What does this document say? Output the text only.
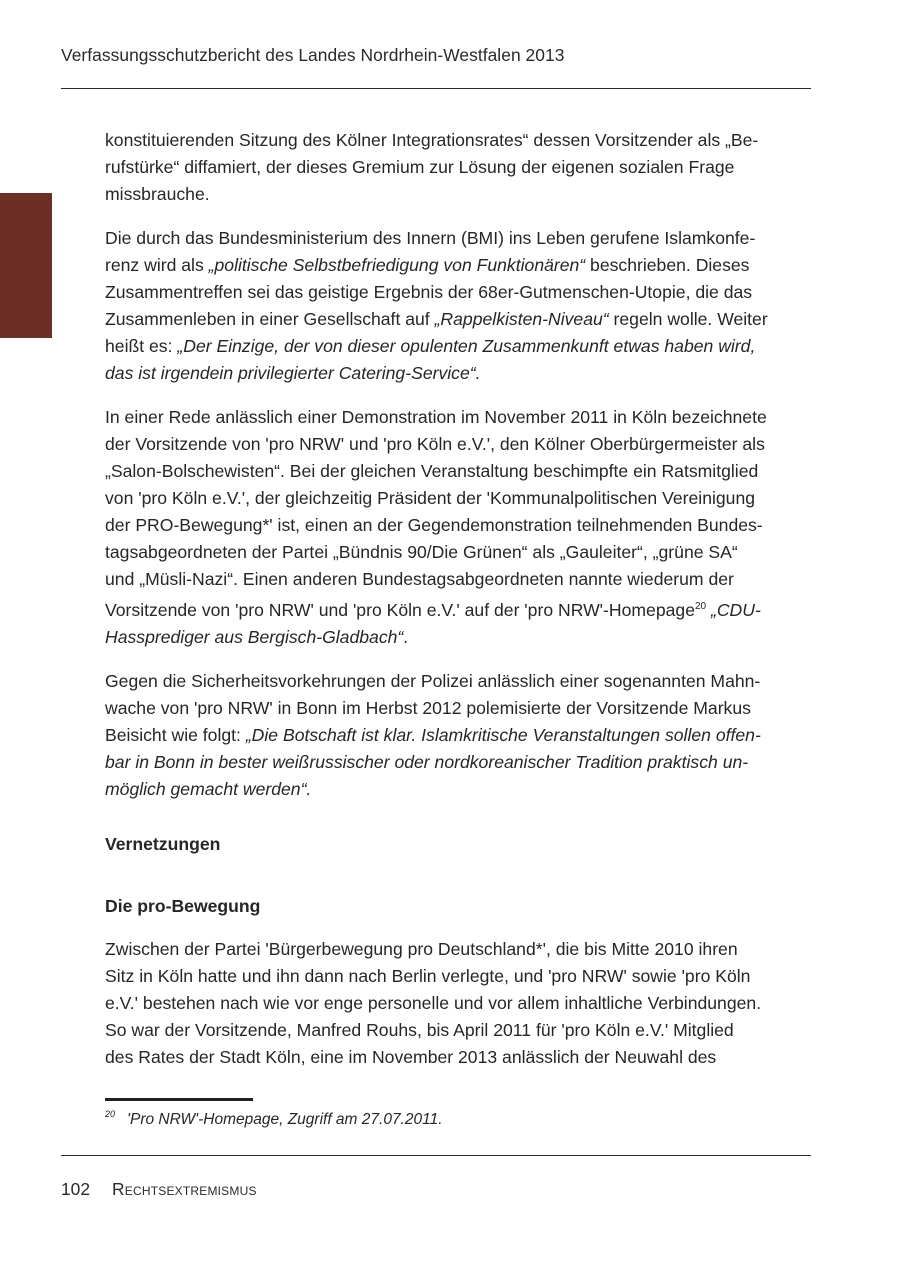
Verfassungsschutzbericht des Landes Nordrhein-Westfalen 2013

konstituierenden Sitzung des Kölner Integrationsrates“ dessen Vorsitzender als „Be-
rufstürke“ diffamiert, der dieses Gremium zur Lösung der eigenen sozialen Frage
missbrauche.

Die durch das Bundesministerium des Innern (BMI) ins Leben gerufene Islamkonfe-
renz wird als „politische Selbstbefriedigung von Funktionären“ beschrieben. Dieses
Zusammentreffen sei das geistige Ergebnis der 68er-Gutmenschen-Utopie, die das
Zusammenleben in einer Gesellschaft auf „Rappelkisten-Niveau“ regeln wolle. Weiter
heißt es: „Der Einzige, der von dieser opulenten Zusammenkunft etwas haben wird,
das ist irgendein privilegierter Catering-Service“.

In einer Rede anlässlich einer Demonstration im November 2011 in Köln bezeichnete
der Vorsitzende von 'pro NRW' und 'pro Köln e.V.', den Kölner Oberbürgermeister als
„Salon-Bolschewisten“. Bei der gleichen Veranstaltung beschimpfte ein Ratsmitglied
von 'pro Köln e.V.', der gleichzeitig Präsident der 'Kommunalpolitischen Vereinigung
der PRO-Bewegung*' ist, einen an der Gegendemonstration teilnehmenden Bundes-
tagsabgeordneten der Partei „Bündnis 90/Die Grünen“ als „Gauleiter“, „grüne SA“
und „Müsli-Nazi“. Einen anderen Bundestagsabgeordneten nannte wiederum der
Vorsitzende von 'pro NRW' und 'pro Köln e.V.' auf der 'pro NRW'-Homepage$^{20}$ „CDU-
Hassprediger aus Bergisch-Gladbach“.

Gegen die Sicherheitsvorkehrungen der Polizei anlässlich einer sogenannten Mahn-
wache von 'pro NRW' in Bonn im Herbst 2012 polemisierte der Vorsitzende Markus
Beisicht wie folgt: „Die Botschaft ist klar. Islamkritische Veranstaltungen sollen offen-
bar in Bonn in bester weißrussischer oder nordkoreanischer Tradition praktisch un-
möglich gemacht werden“.

Vernetzungen
Die pro-Bewegung

Zwischen der Partei 'Bürgerbewegung pro Deutschland*', die bis Mitte 2010 ihren
Sitz in Köln hatte und ihn dann nach Berlin verlegte, und 'pro NRW' sowie 'pro Köln
e.V.' bestehen nach wie vor enge personelle und vor allem inhaltliche Verbindungen.
So war der Vorsitzende, Manfred Rouhs, bis April 2011 für 'pro Köln e.V.' Mitglied
des Rates der Stadt Köln, eine im November 2013 anlässlich der Neuwahl des

$^{20}$ 'Pro NRW'-Homepage, Zugriff am 27.07.2011.
102 Rechtsextremismus
